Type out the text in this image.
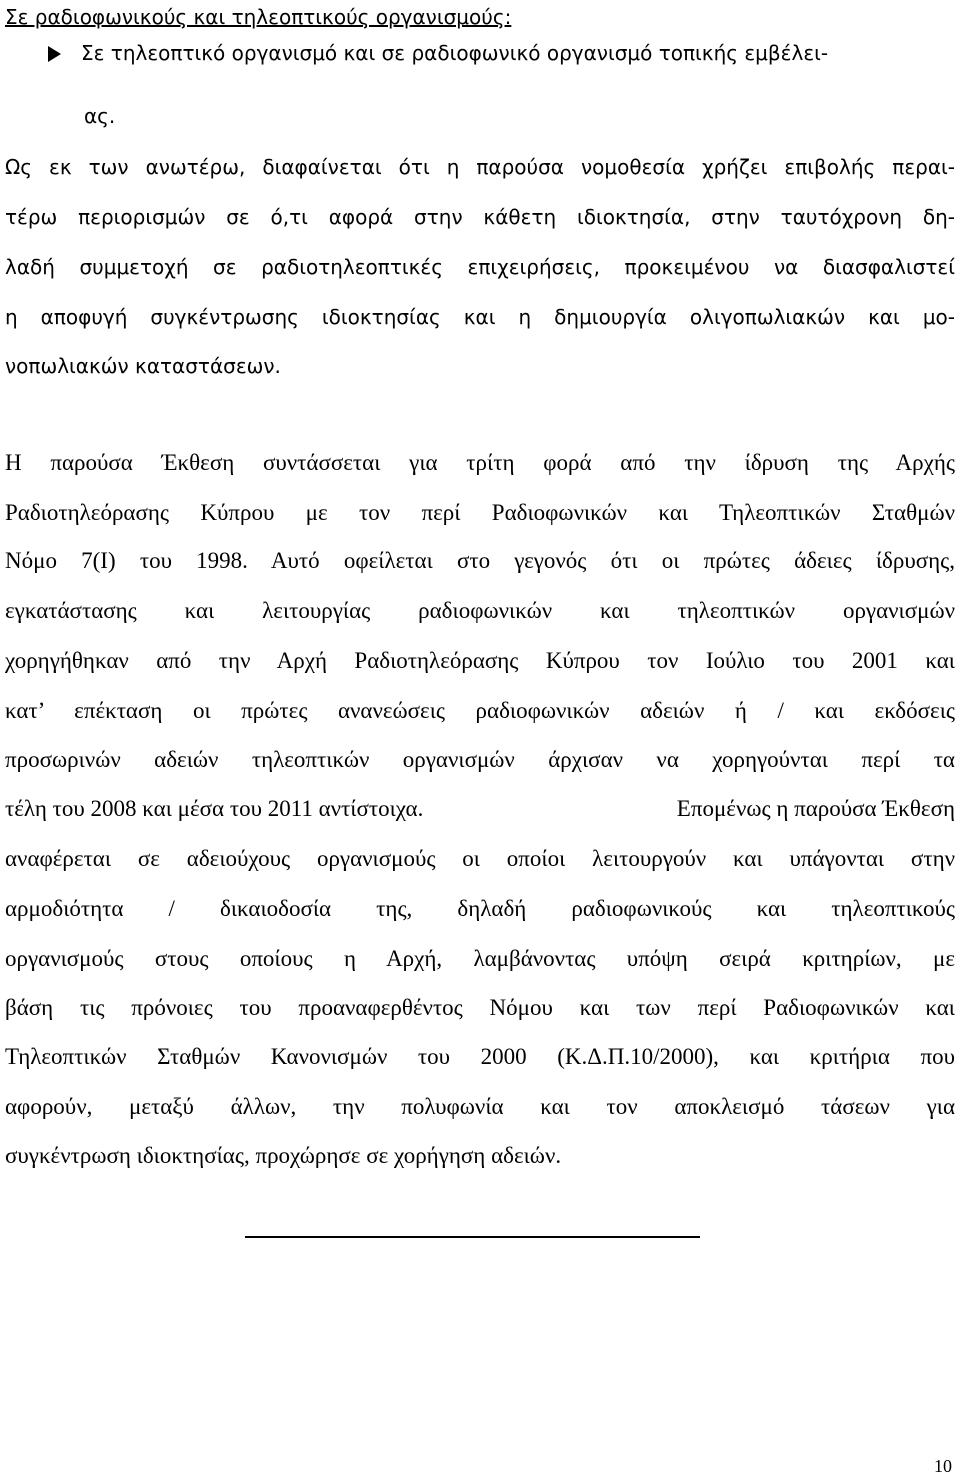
Σε ραδιοφωνικούς και τηλεοπτικούς οργανισμούς:
Σε τηλεοπτικό οργανισμό και σε ραδιοφωνικό οργανισμό τοπικής εμβέλει-
ας.
Ως εκ των ανωτέρω, διαφαίνεται ότι η παρούσα νομοθεσία χρήζει επιβολής περαι-
τέρω περιορισμών σε ό,τι αφορά στην κάθετη ιδιοκτησία, στην ταυτόχρονη δη-
λαδή συμμετοχή σε ραδιοτηλεοπτικές επιχειρήσεις, προκειμένου να διασφαλιστεί
η αποφυγή συγκέντρωσης ιδιοκτησίας και η δημιουργία ολιγοπωλιακών και μο-
νοπωλιακών καταστάσεων.
Η παρούσα Έκθεση συντάσσεται για τρίτη φορά από την ίδρυση της Αρχής
Ραδιοτηλεόρασης Κύπρου με τον περί Ραδιοφωνικών και Τηλεοπτικών Σταθμών
Νόμο 7(Ι) του 1998. Αυτό οφείλεται στο γεγονός ότι οι πρώτες άδειες ίδρυσης,
εγκατάστασης και λειτουργίας ραδιοφωνικών και τηλεοπτικών οργανισμών
χορηγήθηκαν από την Αρχή Ραδιοτηλεόρασης Κύπρου τον Ιούλιο του 2001 και
κατ’ επέκταση οι πρώτες ανανεώσεις ραδιοφωνικών αδειών ή / και εκδόσεις
προσωρινών αδειών τηλεοπτικών οργανισμών άρχισαν να χορηγούνται περί τα
τέλη του 2008 και μέσα του 2011 αντίστοιχα.	Επομένως η παρούσα Έκθεση
αναφέρεται σε αδειούχους οργανισμούς οι οποίοι λειτουργούν και υπάγονται στην
αρμοδιότητα / δικαιοδοσία της, δηλαδή ραδιοφωνικούς και τηλεοπτικούς
οργανισμούς στους οποίους η Αρχή, λαμβάνοντας υπόψη σειρά κριτηρίων, με
βάση τις πρόνοιες του προαναφερθέντος Νόμου και των περί Ραδιοφωνικών και
Τηλεοπτικών Σταθμών Κανονισμών του 2000 (Κ.Δ.Π.10/2000), και κριτήρια που
αφορούν, μεταξύ άλλων, την πολυφωνία και τον αποκλεισμό τάσεων για
συγκέντρωση ιδιοκτησίας, προχώρησε σε χορήγηση αδειών.
10
